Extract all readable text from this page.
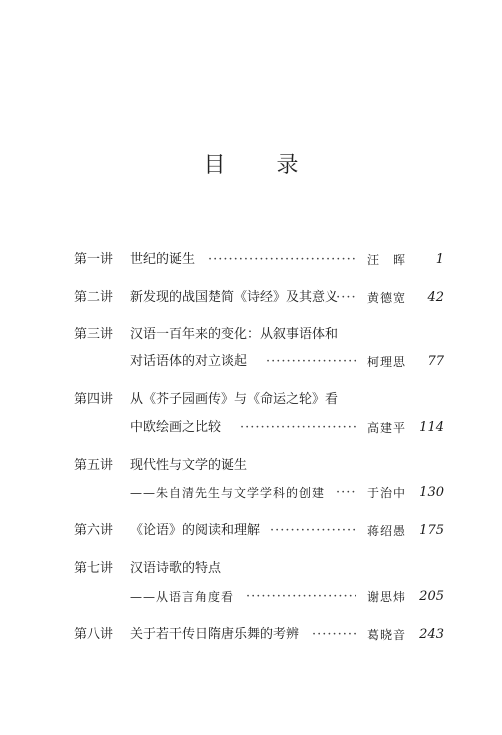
目 录
第一讲 世纪的诞生 ·····	汪　晖 1
第二讲 新发现的战国楚简《诗经》及其意义 ····· 黄德宽 42
第三讲 汉语一百年来的变化：从叙事语体和
对话语体的对立谈起 ·····	柯理思 77
第四讲 从《芥子园画传》与《命运之轮》看
中欧绘画之比较 ·····	高建平 114
第五讲 现代性与文学的诞生
——朱自清先生与文学学科的创建 ·····	于治中 130
第六讲 《论语》的阅读和理解 ·····	蒋绍愚 175
第七讲 汉语诗歌的特点
——从语言角度看 ·····	谢思炜 205
第八讲 关于若干传日隋唐乐舞的考辨 ·····	葛晓音 243
